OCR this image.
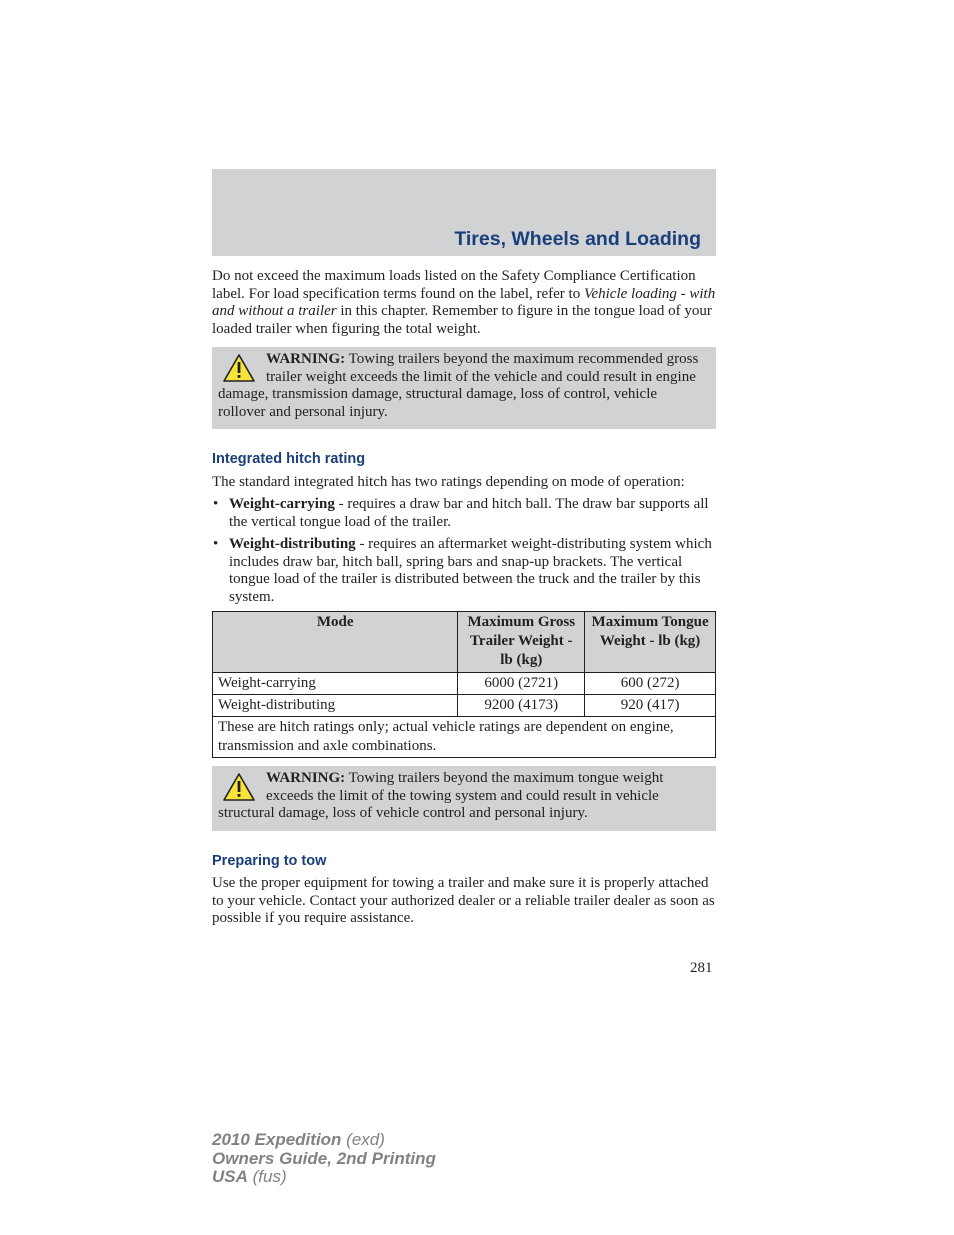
Tires, Wheels and Loading

Do not exceed the maximum loads listed on the Safety Compliance Certification label. For load specification terms found on the label, refer to Vehicle loading - with and without a trailer in this chapter. Remember to figure in the tongue load of your loaded trailer when figuring the total weight.

WARNING: Towing trailers beyond the maximum recommended gross trailer weight exceeds the limit of the vehicle and could result in engine damage, transmission damage, structural damage, loss of control, vehicle rollover and personal injury.
Integrated hitch rating

The standard integrated hitch has two ratings depending on mode of operation:

• Weight-carrying - requires a draw bar and hitch ball. The draw bar supports all the vertical tongue load of the trailer.
• Weight-distributing - requires an aftermarket weight-distributing system which includes draw bar, hitch ball, spring bars and snap-up brackets. The vertical tongue load of the trailer is distributed between the truck and the trailer by this system.
Mode	Maximum Gross Trailer Weight - lb (kg)	Maximum Tongue Weight - lb (kg)
Weight-carrying	6000 (2721)	600 (272)
Weight-distributing	9200 (4173)	920 (417)
These are hitch ratings only; actual vehicle ratings are dependent on engine, transmission and axle combinations.		
WARNING: Towing trailers beyond the maximum tongue weight exceeds the limit of the towing system and could result in vehicle structural damage, loss of vehicle control and personal injury.
Preparing to tow

Use the proper equipment for towing a trailer and make sure it is properly attached to your vehicle. Contact your authorized dealer or a reliable trailer dealer as soon as possible if you require assistance.

281
2010 Expedition (exd)
Owners Guide, 2nd Printing
USA (fus)
